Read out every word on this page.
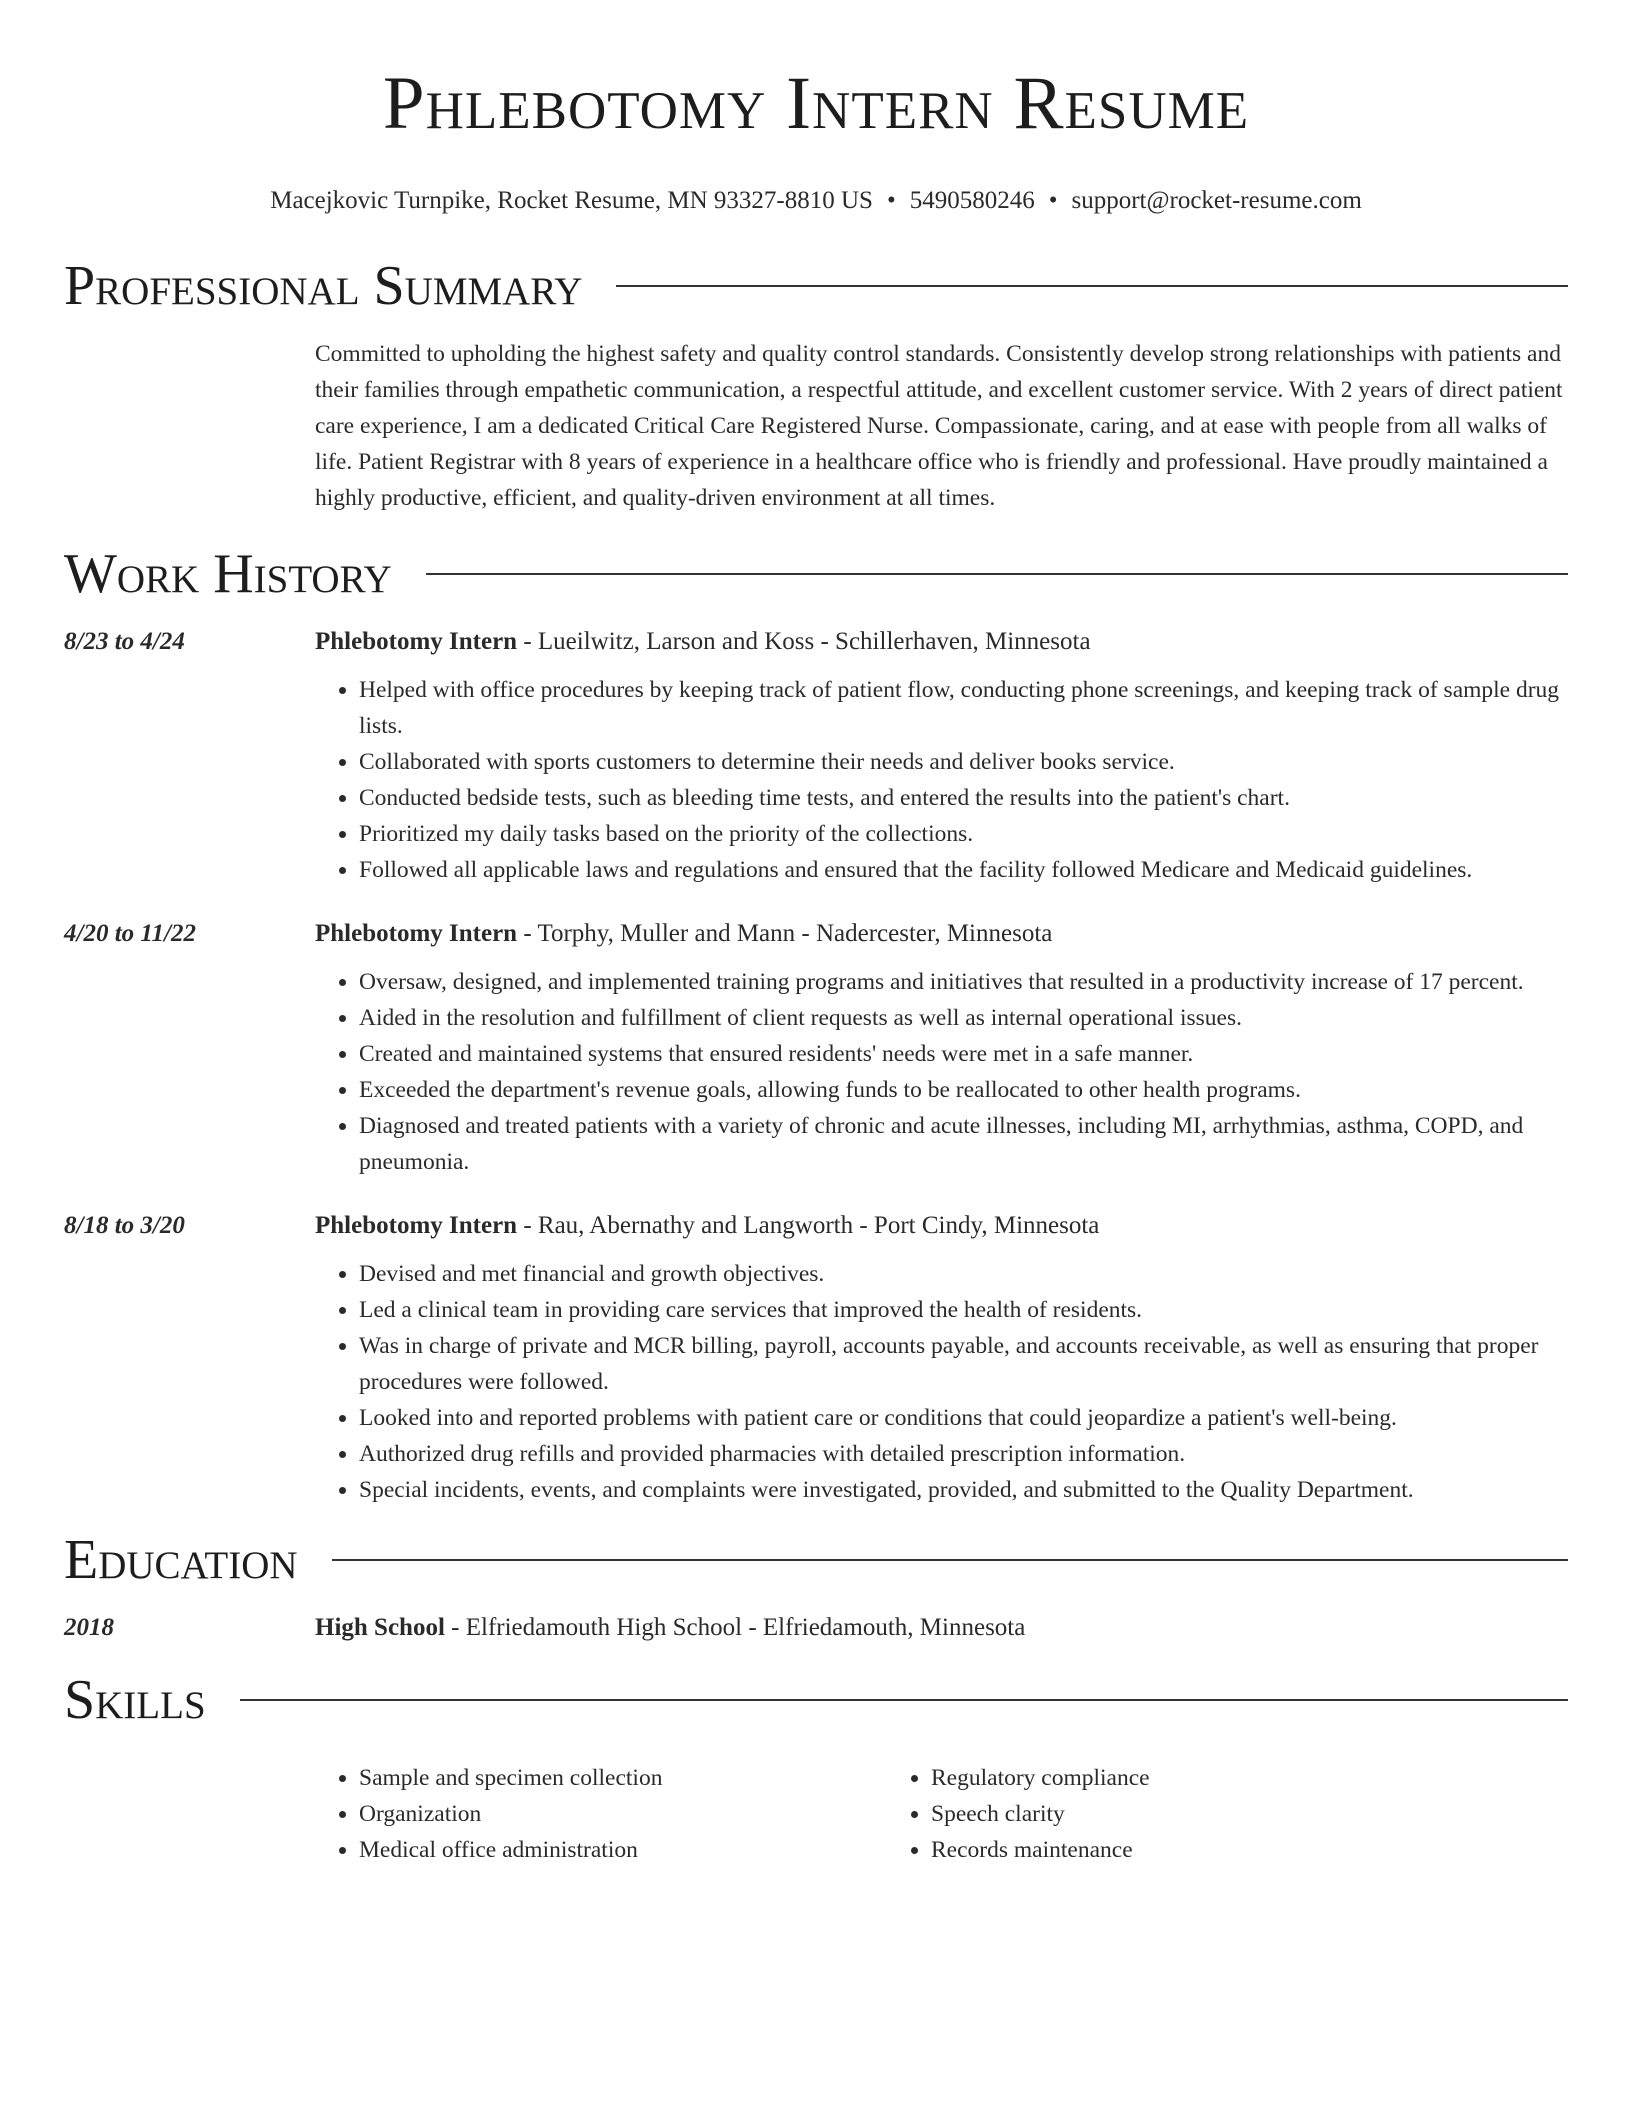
Phlebotomy Intern Resume
Macejkovic Turnpike, Rocket Resume, MN 93327-8810 US • 5490580246 • support@rocket-resume.com
Professional Summary
Committed to upholding the highest safety and quality control standards. Consistently develop strong relationships with patients and their families through empathetic communication, a respectful attitude, and excellent customer service. With 2 years of direct patient care experience, I am a dedicated Critical Care Registered Nurse. Compassionate, caring, and at ease with people from all walks of life. Patient Registrar with 8 years of experience in a healthcare office who is friendly and professional. Have proudly maintained a highly productive, efficient, and quality-driven environment at all times.
Work History
8/23 to 4/24	Phlebotomy Intern - Lueilwitz, Larson and Koss - Schillerhaven, Minnesota
• Helped with office procedures by keeping track of patient flow, conducting phone screenings, and keeping track of sample drug lists.
• Collaborated with sports customers to determine their needs and deliver books service.
• Conducted bedside tests, such as bleeding time tests, and entered the results into the patient's chart.
• Prioritized my daily tasks based on the priority of the collections.
• Followed all applicable laws and regulations and ensured that the facility followed Medicare and Medicaid guidelines.
4/20 to 11/22	Phlebotomy Intern - Torphy, Muller and Mann - Nadercester, Minnesota
• Oversaw, designed, and implemented training programs and initiatives that resulted in a productivity increase of 17 percent.
• Aided in the resolution and fulfillment of client requests as well as internal operational issues.
• Created and maintained systems that ensured residents' needs were met in a safe manner.
• Exceeded the department's revenue goals, allowing funds to be reallocated to other health programs.
• Diagnosed and treated patients with a variety of chronic and acute illnesses, including MI, arrhythmias, asthma, COPD, and pneumonia.
8/18 to 3/20	Phlebotomy Intern - Rau, Abernathy and Langworth - Port Cindy, Minnesota
• Devised and met financial and growth objectives.
• Led a clinical team in providing care services that improved the health of residents.
• Was in charge of private and MCR billing, payroll, accounts payable, and accounts receivable, as well as ensuring that proper procedures were followed.
• Looked into and reported problems with patient care or conditions that could jeopardize a patient's well-being.
• Authorized drug refills and provided pharmacies with detailed prescription information.
• Special incidents, events, and complaints were investigated, provided, and submitted to the Quality Department.
Education
2018	High School - Elfriedamouth High School - Elfriedamouth, Minnesota
Skills
• Sample and specimen collection
• Organization
• Medical office administration
• Regulatory compliance
• Speech clarity
• Records maintenance
